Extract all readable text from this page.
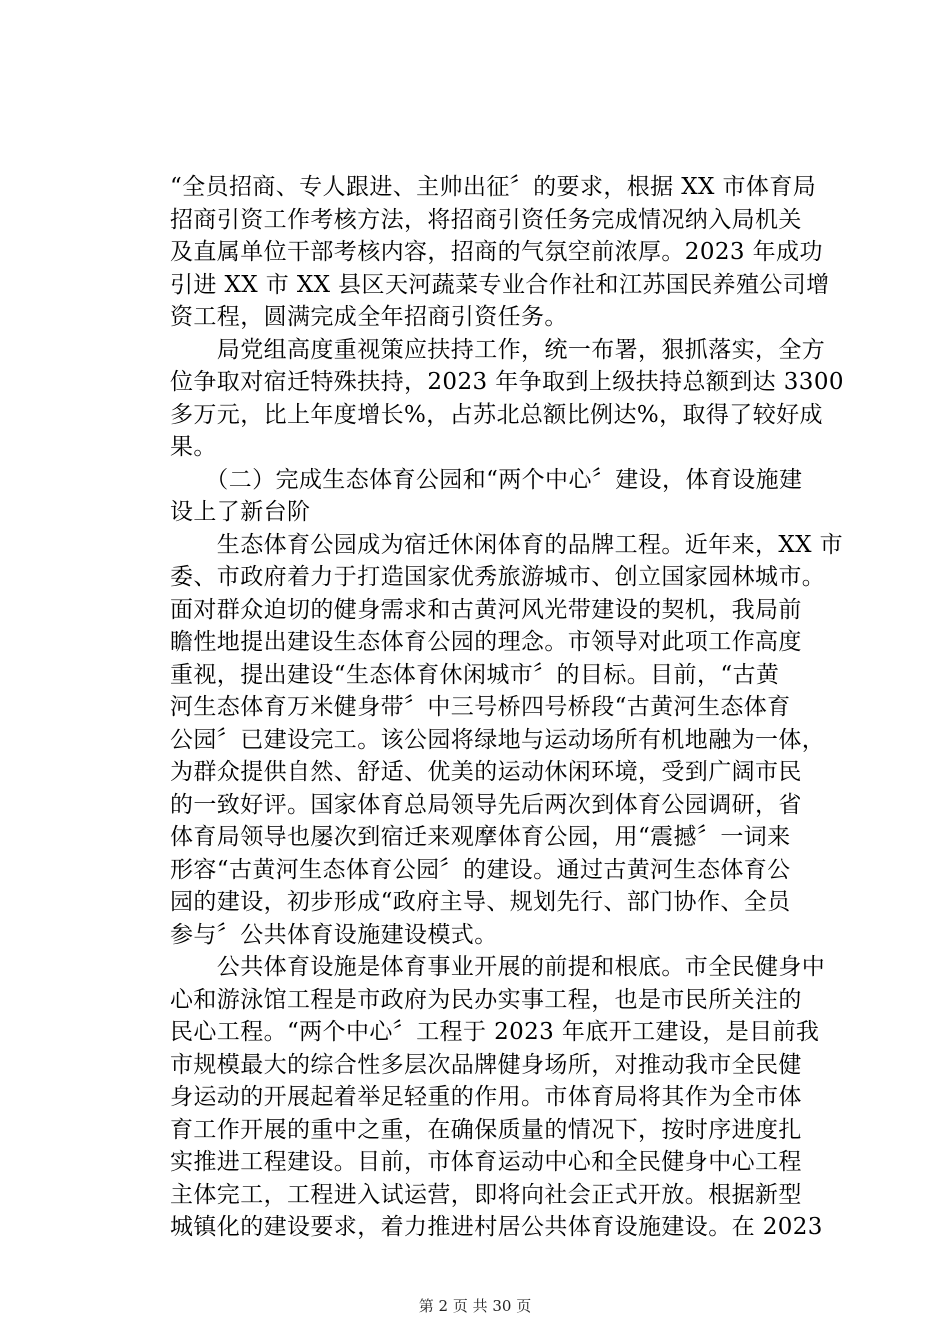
“全员招商、专人跟进、主帅出征〞的要求，根据 XX 市体育局
招商引资工作考核方法，将招商引资任务完成情况纳入局机关
及直属单位干部考核内容，招商的气氛空前浓厚。2023 年成功
引进 XX 市 XX 县区天河蔬菜专业合作社和江苏国民养殖公司增
资工程，圆满完成全年招商引资任务。
　　局党组高度重视策应扶持工作，统一布署，狠抓落实，全方
位争取对宿迁特殊扶持，2023 年争取到上级扶持总额到达 3300
多万元，比上年度增长%，占苏北总额比例达%，取得了较好成
果。
　　（二）完成生态体育公园和“两个中心〞建设，体育设施建
设上了新台阶
　　生态体育公园成为宿迁休闲体育的品牌工程。近年来，XX 市
委、市政府着力于打造国家优秀旅游城市、创立国家园林城市。
面对群众迫切的健身需求和古黄河风光带建设的契机，我局前
瞻性地提出建设生态体育公园的理念。市领导对此项工作高度
重视，提出建设“生态体育休闲城市〞的目标。目前，“古黄
河生态体育万米健身带〞中三号桥四号桥段“古黄河生态体育
公园〞已建设完工。该公园将绿地与运动场所有机地融为一体，
为群众提供自然、舒适、优美的运动休闲环境，受到广阔市民
的一致好评。国家体育总局领导先后两次到体育公园调研，省
体育局领导也屡次到宿迁来观摩体育公园，用“震撼〞一词来
形容“古黄河生态体育公园〞的建设。通过古黄河生态体育公
园的建设，初步形成“政府主导、规划先行、部门协作、全员
参与〞公共体育设施建设模式。
　　公共体育设施是体育事业开展的前提和根底。市全民健身中
心和游泳馆工程是市政府为民办实事工程，也是市民所关注的
民心工程。“两个中心〞工程于 2023 年底开工建设，是目前我
市规模最大的综合性多层次品牌健身场所，对推动我市全民健
身运动的开展起着举足轻重的作用。市体育局将其作为全市体
育工作开展的重中之重，在确保质量的情况下，按时序进度扎
实推进工程建设。目前，市体育运动中心和全民健身中心工程
主体完工，工程进入试运营，即将向社会正式开放。根据新型
城镇化的建设要求，着力推进村居公共体育设施建设。在 2023
第 2 页 共 30 页
